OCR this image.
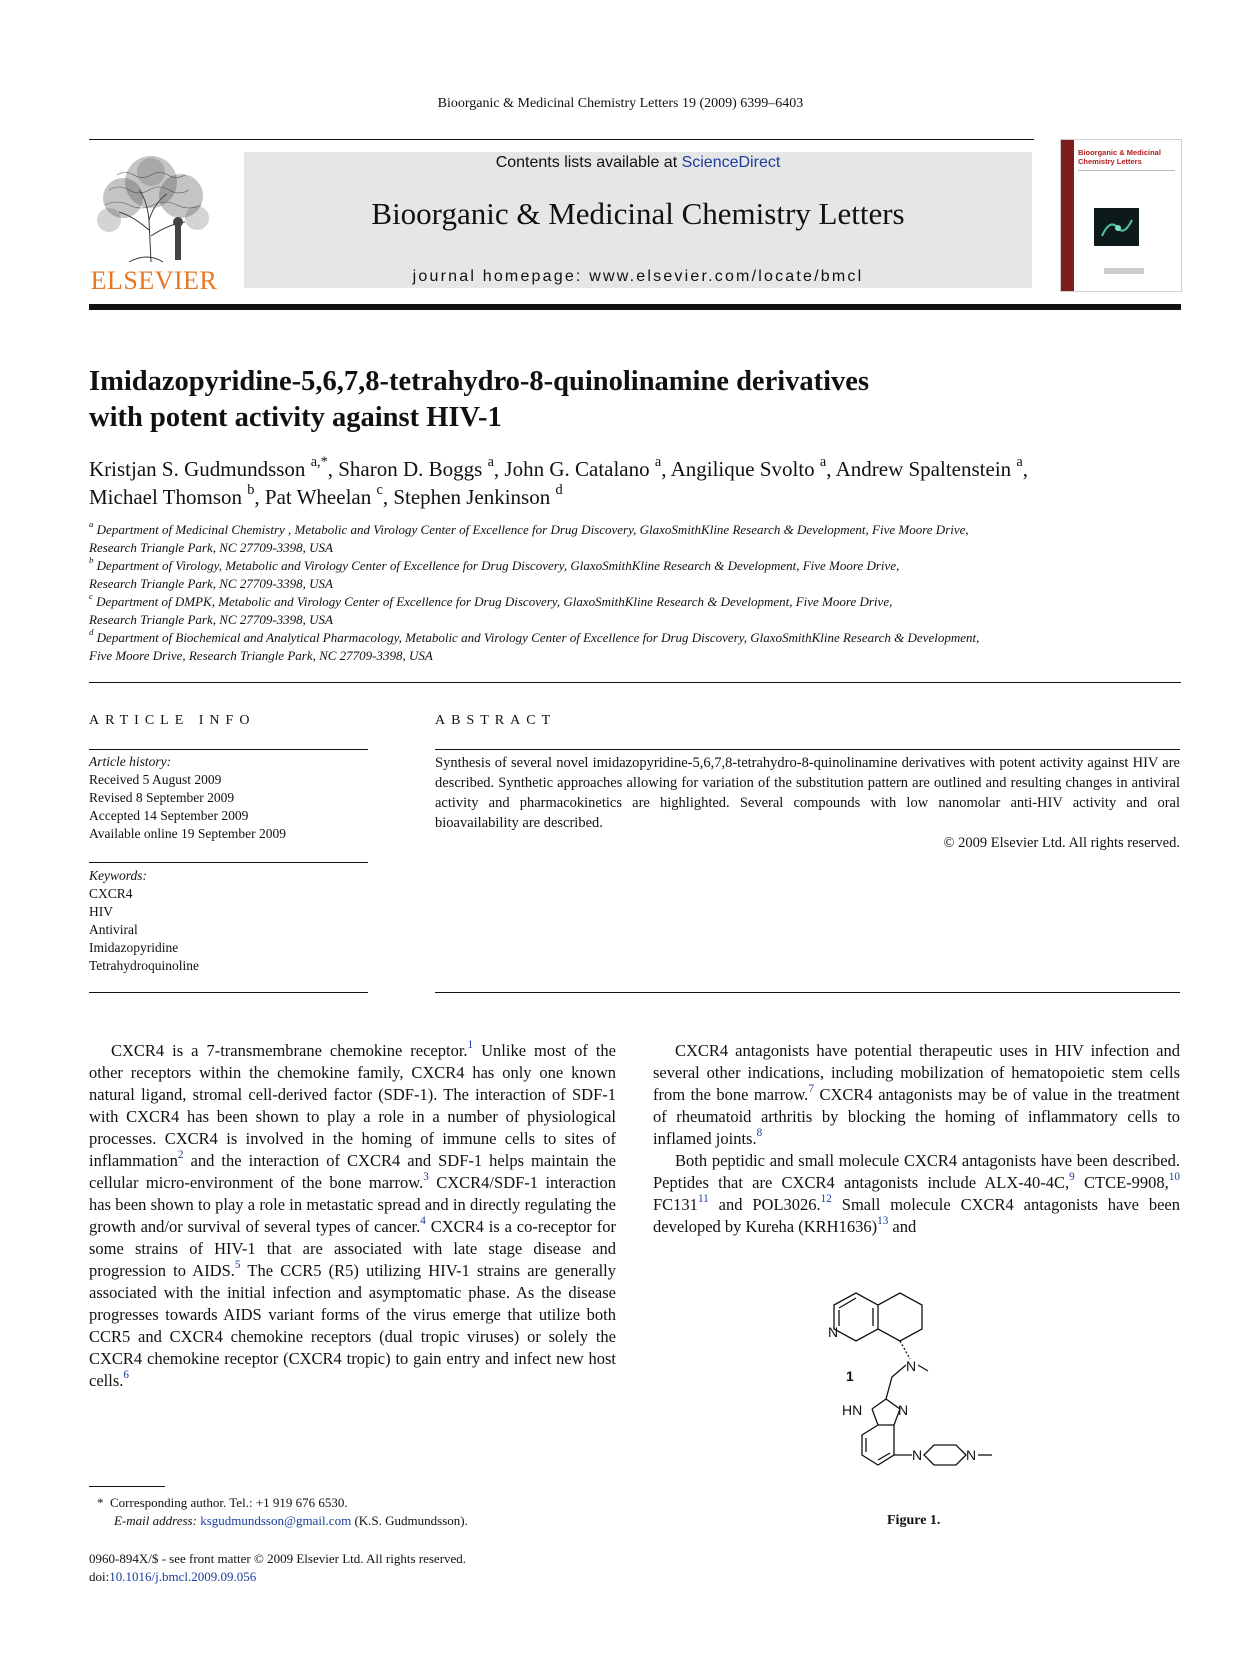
Bioorganic & Medicinal Chemistry Letters 19 (2009) 6399–6403
ELSEVIER
Contents lists available at ScienceDirect
Bioorganic & Medicinal Chemistry Letters
journal homepage: www.elsevier.com/locate/bmcl
Bioorganic & Medicinal Chemistry Letters
Imidazopyridine-5,6,7,8-tetrahydro-8-quinolinamine derivatives
with potent activity against HIV-1
Kristjan S. Gudmundsson $^{a,*}$, Sharon D. Boggs $^a$, John G. Catalano $^a$, Angilique Svolto $^a$, Andrew Spaltenstein $^a$,
Michael Thomson $^b$, Pat Wheelan $^c$, Stephen Jenkinson $^d$
$^a$ Department of Medicinal Chemistry , Metabolic and Virology Center of Excellence for Drug Discovery, GlaxoSmithKline Research & Development, Five Moore Drive,
Research Triangle Park, NC 27709-3398, USA
$^b$ Department of Virology, Metabolic and Virology Center of Excellence for Drug Discovery, GlaxoSmithKline Research & Development, Five Moore Drive,
Research Triangle Park, NC 27709-3398, USA
$^c$ Department of DMPK, Metabolic and Virology Center of Excellence for Drug Discovery, GlaxoSmithKline Research & Development, Five Moore Drive,
Research Triangle Park, NC 27709-3398, USA
$^d$ Department of Biochemical and Analytical Pharmacology, Metabolic and Virology Center of Excellence for Drug Discovery, GlaxoSmithKline Research & Development,
Five Moore Drive, Research Triangle Park, NC 27709-3398, USA
ARTICLE INFO
Article history:
Received 5 August 2009
Revised 8 September 2009
Accepted 14 September 2009
Available online 19 September 2009
Keywords:
CXCR4
HIV
Antiviral
Imidazopyridine
Tetrahydroquinoline
ABSTRACT
Synthesis of several novel imidazopyridine-5,6,7,8-tetrahydro-8-quinolinamine derivatives with potent activity against HIV are described. Synthetic approaches allowing for variation of the substitution pattern are outlined and resulting changes in antiviral activity and pharmacokinetics are highlighted. Several compounds with low nanomolar anti-HIV activity and oral bioavailability are described.
© 2009 Elsevier Ltd. All rights reserved.

CXCR4 is a 7-transmembrane chemokine receptor.$^1$ Unlike most of the other receptors within the chemokine family, CXCR4 has only one known natural ligand, stromal cell-derived factor (SDF-1). The interaction of SDF-1 with CXCR4 has been shown to play a role in a number of physiological processes. CXCR4 is involved in the homing of immune cells to sites of inflammation$^2$ and the interaction of CXCR4 and SDF-1 helps maintain the cellular micro-environment of the bone marrow.$^3$ CXCR4/SDF-1 interaction has been shown to play a role in metastatic spread and in directly regulating the growth and/or survival of several types of cancer.$^4$ CXCR4 is a co-receptor for some strains of HIV-1 that are associated with late stage disease and progression to AIDS.$^5$ The CCR5 (R5) utilizing HIV-1 strains are generally associated with the initial infection and asymptomatic phase. As the disease progresses towards AIDS variant forms of the virus emerge that utilize both CCR5 and CXCR4 chemokine receptors (dual tropic viruses) or solely the CXCR4 chemokine receptor (CXCR4 tropic) to gain entry and infect new host cells.$^6$

CXCR4 antagonists have potential therapeutic uses in HIV infection and several other indications, including mobilization of hematopoietic stem cells from the bone marrow.$^7$ CXCR4 antagonists may be of value in the treatment of rheumatoid arthritis by blocking the homing of inflammatory cells to inflamed joints.$^8$

Both peptidic and small molecule CXCR4 antagonists have been described. Peptides that are CXCR4 antagonists include ALX-40-4C,$^9$ CTCE-9908,10 $FC131^{11}$ and POL3026.12 Small molecule CXCR4 antagonists have been developed by Kureha $(KRH1636)^{13}$ and

N
N
HN	N
N	N
1
Figure 1.
* Corresponding author. Tel.: +1 919 676 6530.
E-mail address: ksgudmundsson@gmail.com (K.S. Gudmundsson).
0960-894X/$ - see front matter © 2009 Elsevier Ltd. All rights reserved.
doi:10.1016/j.bmcl.2009.09.056
